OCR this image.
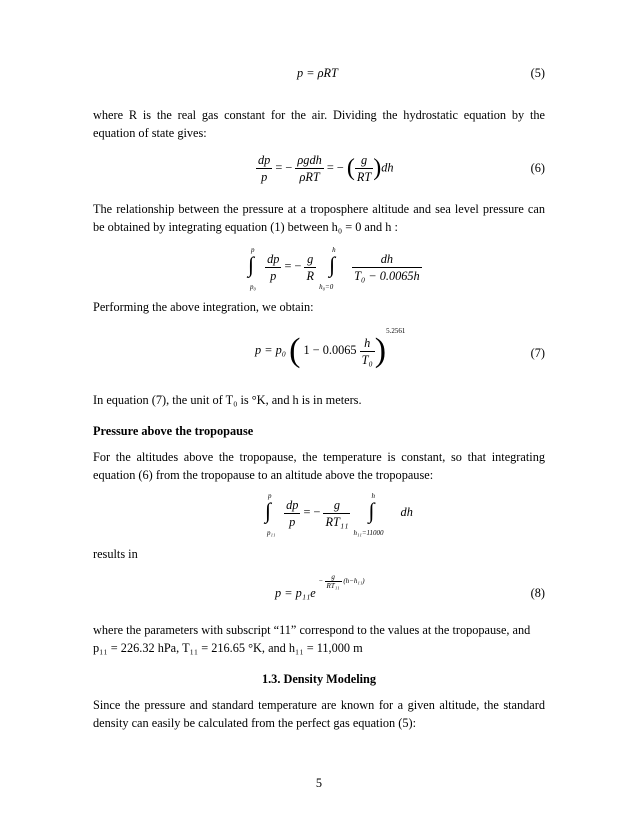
p = ρRT	(5)
where R is the real gas constant for the air. Dividing the hydrostatic equation by the equation of state gives:
$\frac{dp}{p}$ = − $\frac{\text{ρgdh}}{\text{ρRT}}$ = − ( $\frac{g}{RT} )dh$	(6)
The relationship between the pressure at a troposphere altitude and sea level pressure can be obtained by integrating equation (1) between h₀ = 0 and h :
p
∫
p₀

$\frac{dp}{p}$ = − $\frac{g}{R}$

h
∫
h₀=0

$\frac{dh}{\text{T₀ − 0.0065h}}$
Performing the above integration, we obtain:
p = p₀ ( $1 - 0.0065 \frac{h}{\text{T₀}} )^{5.2561}$
(7)
In equation (7), the unit of T₀ is °K, and h is in meters.
Pressure above the tropopause
For the altitudes above the tropopause, the temperature is constant, so that integrating equation (6) from the tropopause to an altitude above the tropopause:
p
∫
p₁₁

$\frac{dp}{p}$ = − $\frac{g}{\text{RT₁₁}}$

h
∫
h₁₁=11000
dh
results in
$p = p_{11}e - \frac{g}{\text{RT₁₁}} (h-h_{11})$
(8)
where the parameters with subscript “11” correspond to the values at the tropopause, and
p₁₁ = 226.32 hPa, T₁₁ = 216.65 °K, and h₁₁ = 11,000 m
1.3. Density Modeling
Since the pressure and standard temperature are known for a given altitude, the standard density can easily be calculated from the perfect gas equation (5):
5
